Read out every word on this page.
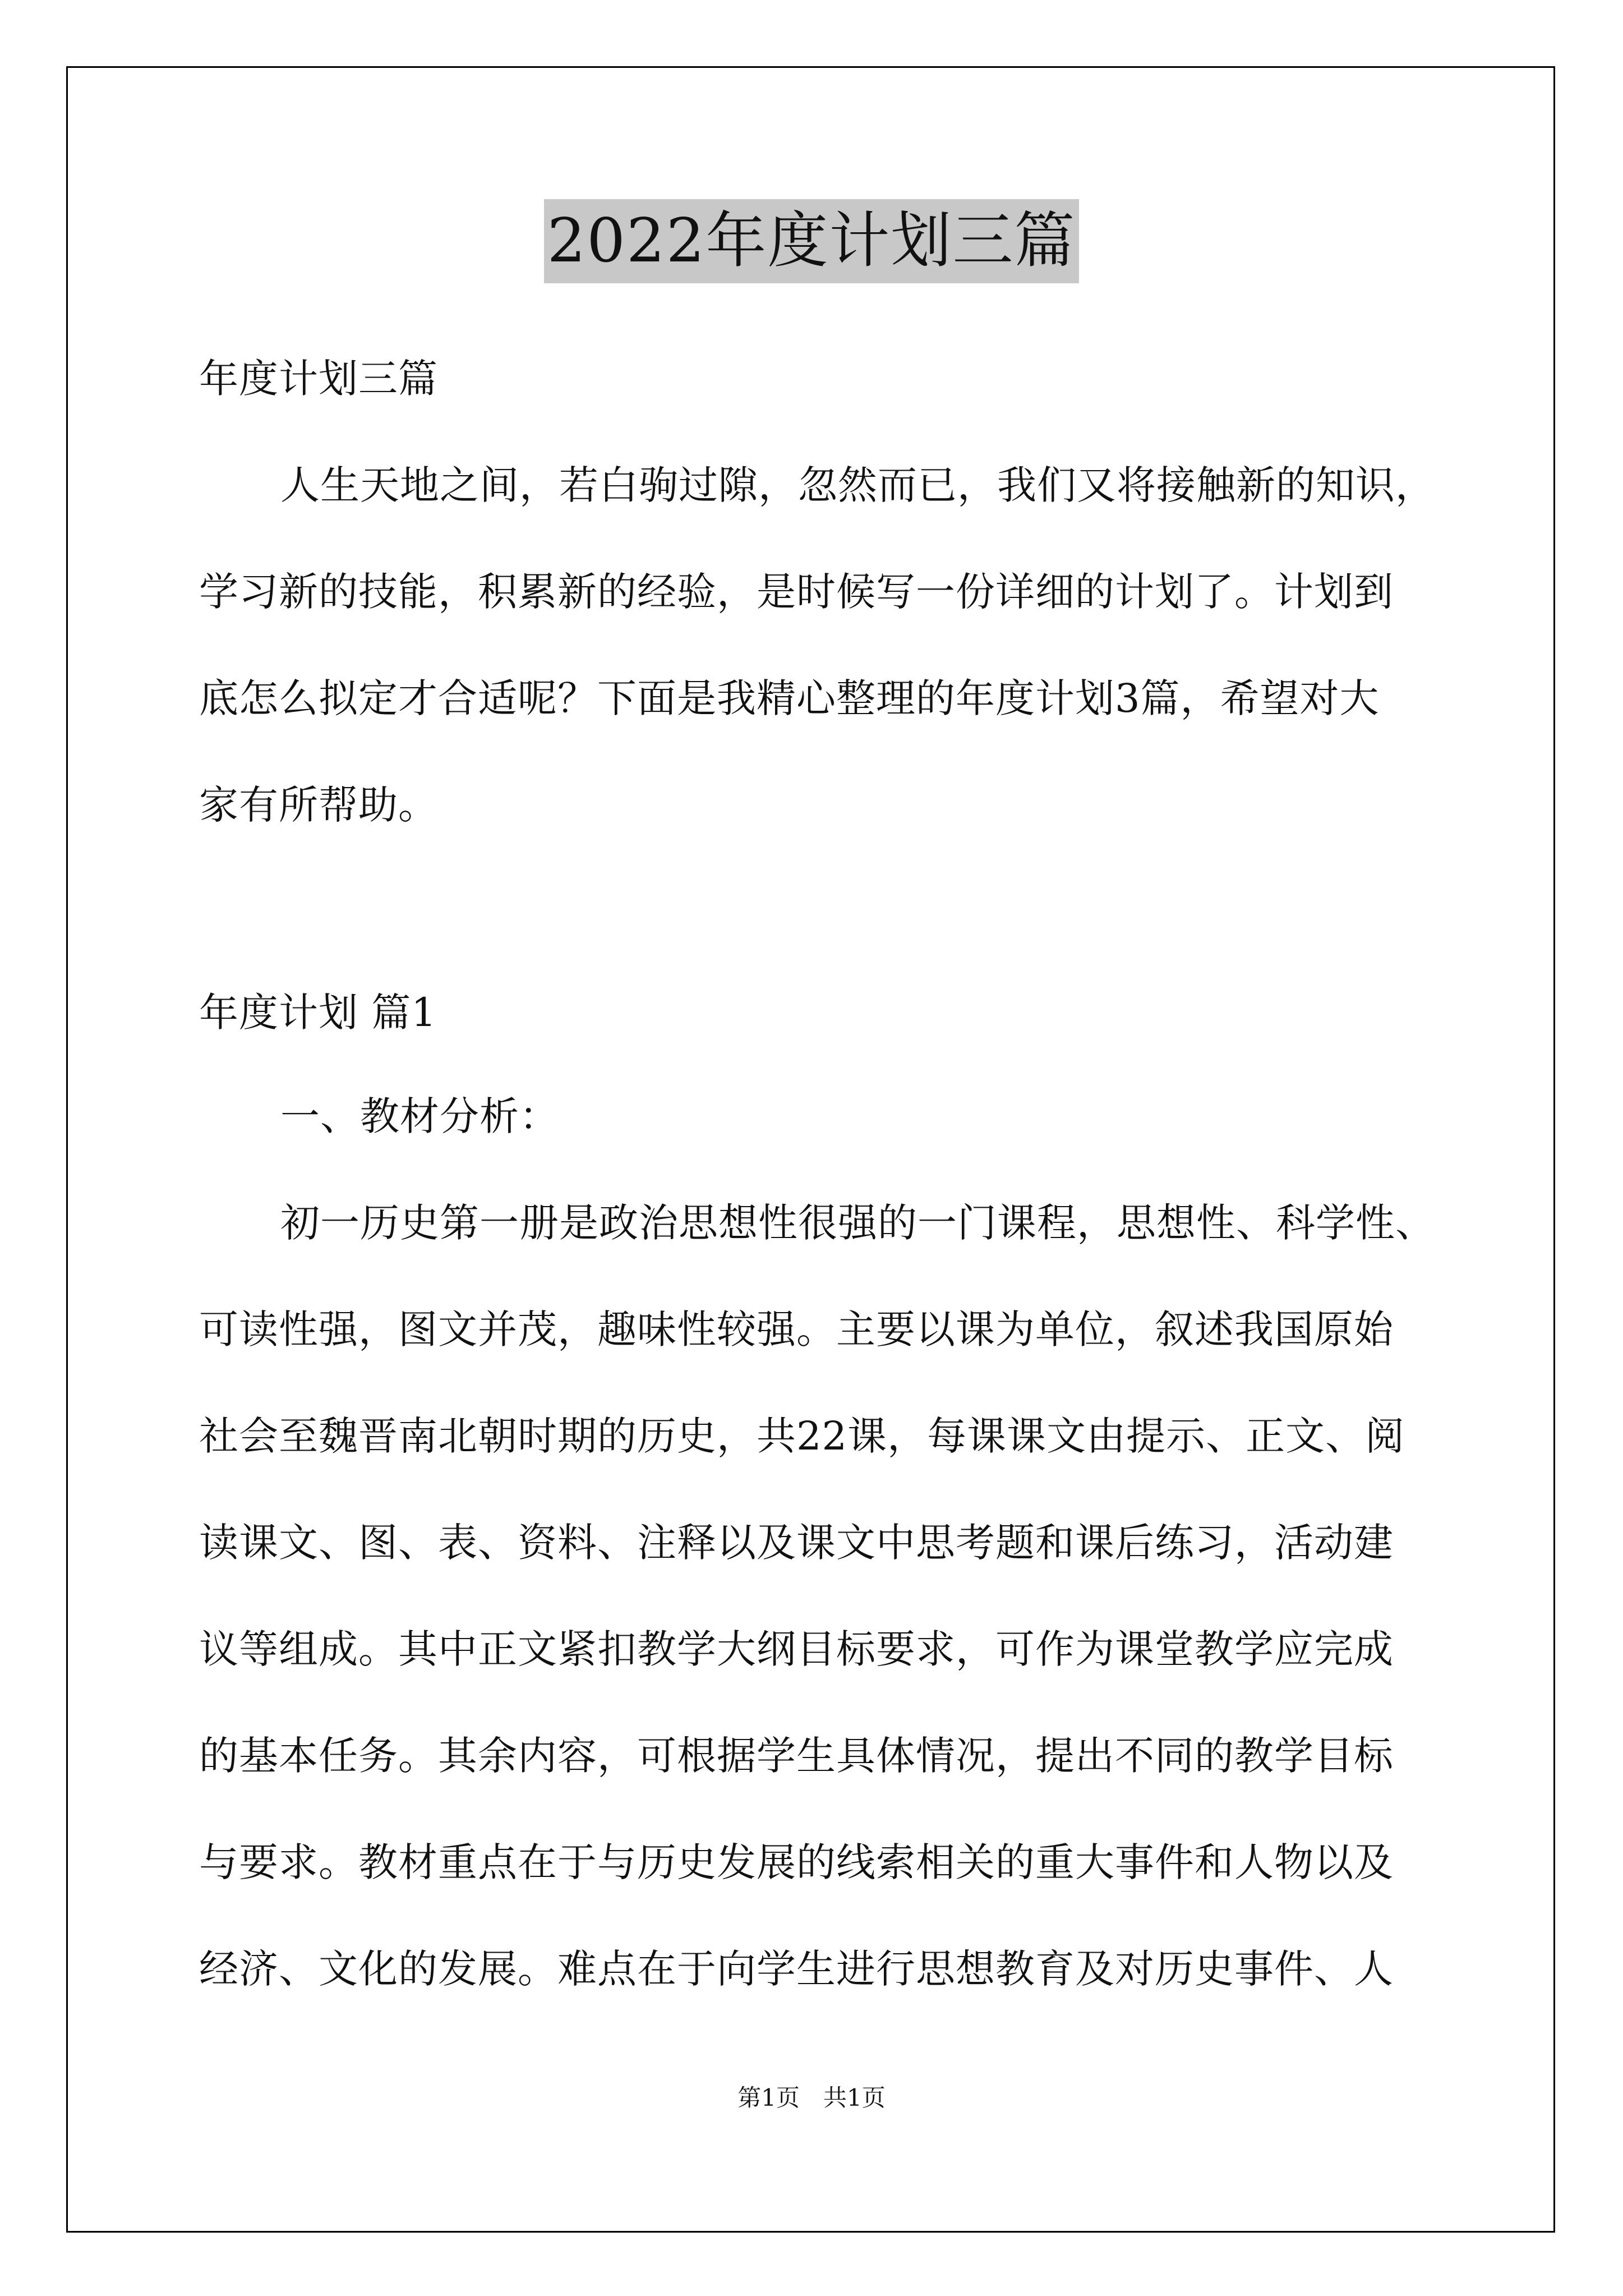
2022年度计划三篇
年度计划三篇
人生天地之间，若白驹过隙，忽然而已，我们又将接触新的知识，
学习新的技能，积累新的经验，是时候写一份详细的计划了。计划到
底怎么拟定才合适呢？下面是我精心整理的年度计划3篇，希望对大
家有所帮助。
年度计划 篇1
一、教材分析：
初一历史第一册是政治思想性很强的一门课程，思想性、科学性、
可读性强，图文并茂，趣味性较强。主要以课为单位，叙述我国原始
社会至魏晋南北朝时期的历史，共22课，每课课文由提示、正文、阅
读课文、图、表、资料、注释以及课文中思考题和课后练习，活动建
议等组成。其中正文紧扣教学大纲目标要求，可作为课堂教学应完成
的基本任务。其余内容，可根据学生具体情况，提出不同的教学目标
与要求。教材重点在于与历史发展的线索相关的重大事件和人物以及
经济、文化的发展。难点在于向学生进行思想教育及对历史事件、人
第1页　共1页
